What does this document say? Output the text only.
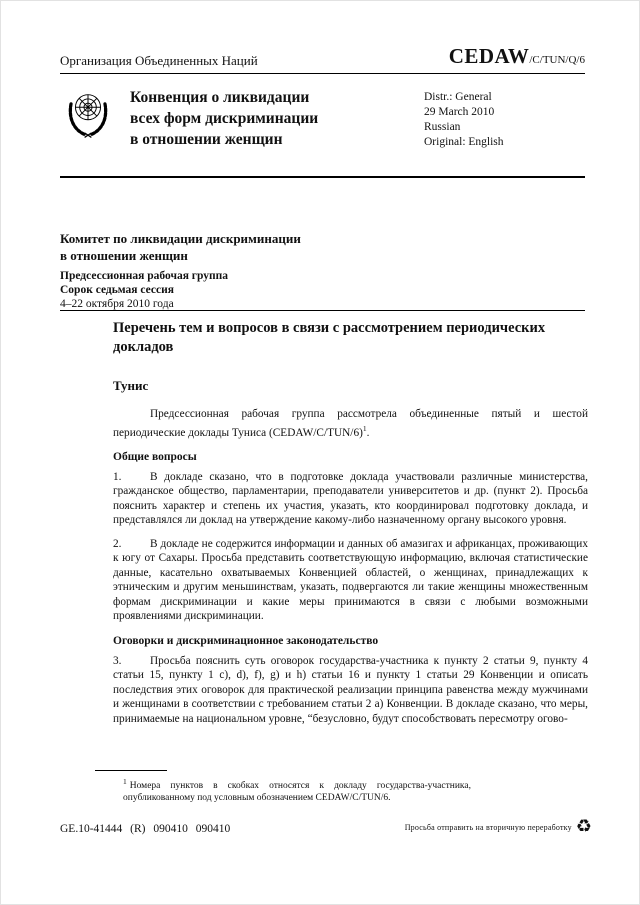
Организация Объединенных Наций	CEDAW/C/TUN/Q/6
Конвенция о ликвидации
всех форм дискриминации
в отношении женщин
Distr.: General
29 March 2010
Russian
Original: English
Комитет по ликвидации дискриминации
в отношении женщин
Предсессионная рабочая группа
Сорок седьмая сессия
4–22 октября 2010 года
Перечень тем и вопросов в связи с рассмотрением периодических докладов
Тунис

Предсессионная рабочая группа рассмотрела объединенные пятый и шестой периодические доклады Туниса (CEDAW/C/TUN/6)$^1$.

Общие вопросы

1.	В докладе сказано, что в подготовке доклада участвовали различные министерства, гражданское общество, парламентарии, преподаватели университетов и др. (пункт 2). Просьба пояснить характер и степень их участия, указать, кто координировал подготовку доклада, и представлялся ли доклад на утверждение какому-либо назначенному органу высокого уровня.

2.	В докладе не содержится информации и данных об амазигах и африканцах, проживающих к югу от Сахары. Просьба представить соответствующую информацию, включая статистические данные, касательно охватываемых Конвенцией областей, о женщинах, принадлежащих к этническим и другим меньшинствам, указать, подвергаются ли такие женщины множественным формам дискриминации и какие меры принимаются в связи с любыми возможными проявлениями дискриминации.

Оговорки и дискриминационное законодательство

3.	Просьба пояснить суть оговорок государства-участника к пункту 2 статьи 9, пункту 4 статьи 15, пункту 1 с), d), f), g) и h) статьи 16 и пункту 1 статьи 29 Конвенции и описать последствия этих оговорок для практической реализации принципа равенства между мужчинами и женщинами в соответствии с требованием статьи 2 а) Конвенции. В докладе сказано, что меры, принимаемые на национальном уровне, “безусловно, будут способствовать пересмотру огово-

$^1$ Номера пунктов в скобках относятся к докладу государства-участника, опубликованному под условным обозначением CEDAW/C/TUN/6.
GE.10-41444 (R) 090410 090410	Просьба отправить на вторичную переработку ♻
